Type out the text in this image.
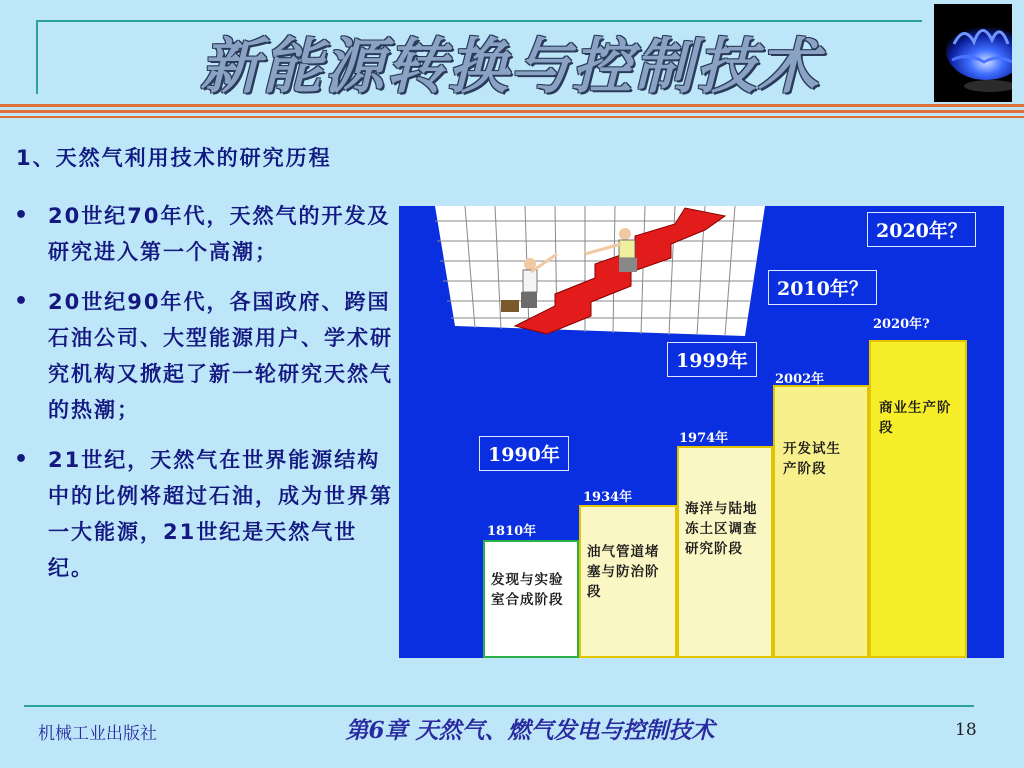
新能源转换与控制技术
1、天然气利用技术的研究历程
• 20世纪70年代，天然气的开发及研究进入第一个高潮；
• 20世纪90年代，各国政府、跨国石油公司、大型能源用户、学术研究机构又掀起了新一轮研究天然气的热潮；
• 21世纪，天然气在世界能源结构中的比例将超过石油，成为世界第一大能源，21世纪是天然气世纪。
2020年？
2010年？
1999年
1990年
1810年
1934年
1974年
2002年
2020年?
发现与实验室合成阶段
油气管道堵塞与防治阶段
海洋与陆地冻土区调查研究阶段
开发试生产阶段
商业生产阶段
机械工业出版社	第6章 天然气、燃气发电与控制技术	18
